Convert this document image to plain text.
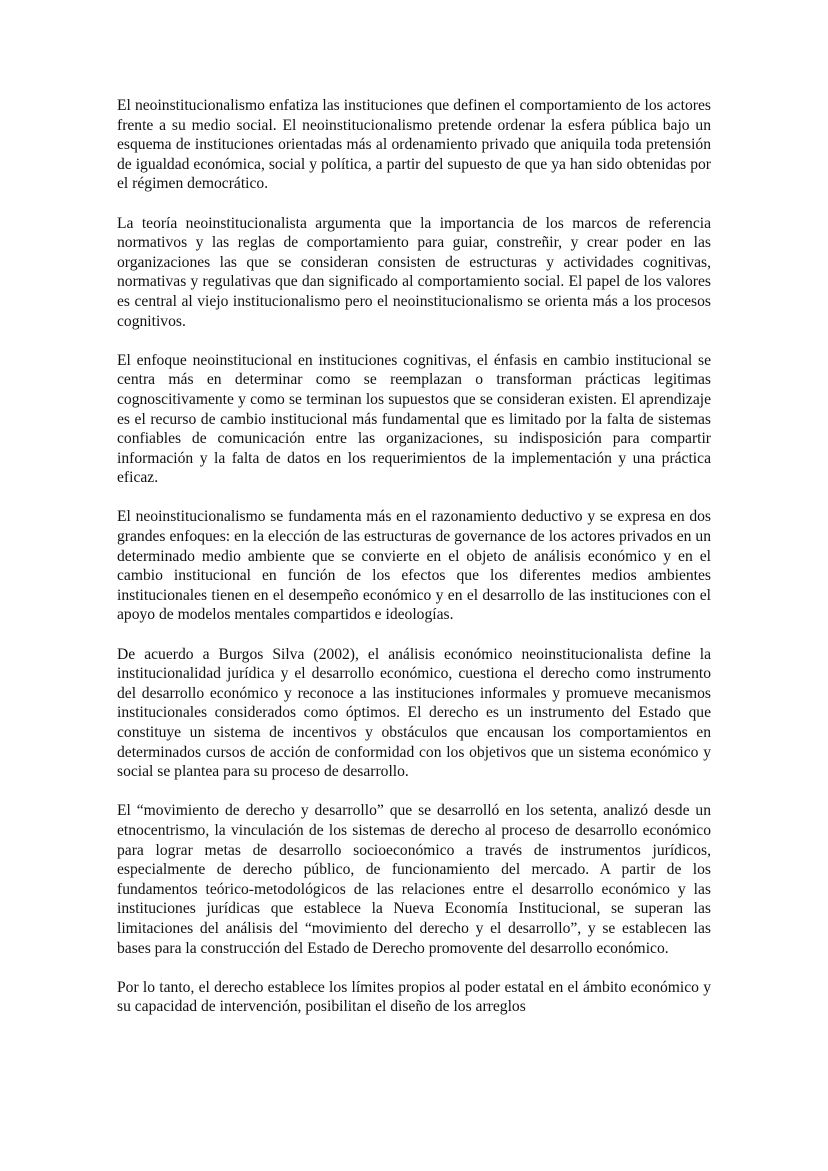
El neoinstitucionalismo enfatiza las instituciones que definen el comportamiento de los actores frente a su medio social. El neoinstitucionalismo pretende ordenar la esfera pública bajo un esquema de instituciones orientadas más al ordenamiento privado que aniquila toda pretensión de igualdad económica, social y política, a partir del supuesto de que ya han sido obtenidas por el régimen democrático.

La teoría neoinstitucionalista argumenta que la importancia de los marcos de referencia normativos y las reglas de comportamiento para guiar, constreñir, y crear poder en las organizaciones las que se consideran consisten de estructuras y actividades cognitivas, normativas y regulativas que dan significado al comportamiento social. El papel de los valores es central al viejo institucionalismo pero el neoinstitucionalismo se orienta más a los procesos cognitivos.

El enfoque neoinstitucional en instituciones cognitivas, el énfasis en cambio institucional se centra más en determinar como se reemplazan o transforman prácticas legitimas cognoscitivamente y como se terminan los supuestos que se consideran existen. El aprendizaje es el recurso de cambio institucional más fundamental que es limitado por la falta de sistemas confiables de comunicación entre las organizaciones, su indisposición para compartir información y la falta de datos en los requerimientos de la implementación y una práctica eficaz.

El neoinstitucionalismo se fundamenta más en el razonamiento deductivo y se expresa en dos grandes enfoques: en la elección de las estructuras de governance de los actores privados en un determinado medio ambiente que se convierte en el objeto de análisis económico y en el cambio institucional en función de los efectos que los diferentes medios ambientes institucionales tienen en el desempeño económico y en el desarrollo de las instituciones con el apoyo de modelos mentales compartidos e ideologías.

De acuerdo a Burgos Silva (2002), el análisis económico neoinstitucionalista define la institucionalidad jurídica y el desarrollo económico, cuestiona el derecho como instrumento del desarrollo económico y reconoce a las instituciones informales y promueve mecanismos institucionales considerados como óptimos. El derecho es un instrumento del Estado que constituye un sistema de incentivos y obstáculos que encausan los comportamientos en determinados cursos de acción de conformidad con los objetivos que un sistema económico y social se plantea para su proceso de desarrollo.

El “movimiento de derecho y desarrollo” que se desarrolló en los setenta, analizó desde un etnocentrismo, la vinculación de los sistemas de derecho al proceso de desarrollo económico para lograr metas de desarrollo socioeconómico a través de instrumentos jurídicos, especialmente de derecho público, de funcionamiento del mercado. A partir de los fundamentos teórico-metodológicos de las relaciones entre el desarrollo económico y las instituciones jurídicas que establece la Nueva Economía Institucional, se superan las limitaciones del análisis del “movimiento del derecho y el desarrollo”, y se establecen las bases para la construcción del Estado de Derecho promovente del desarrollo económico.

Por lo tanto, el derecho establece los límites propios al poder estatal en el ámbito económico y su capacidad de intervención, posibilitan el diseño de los arreglos
